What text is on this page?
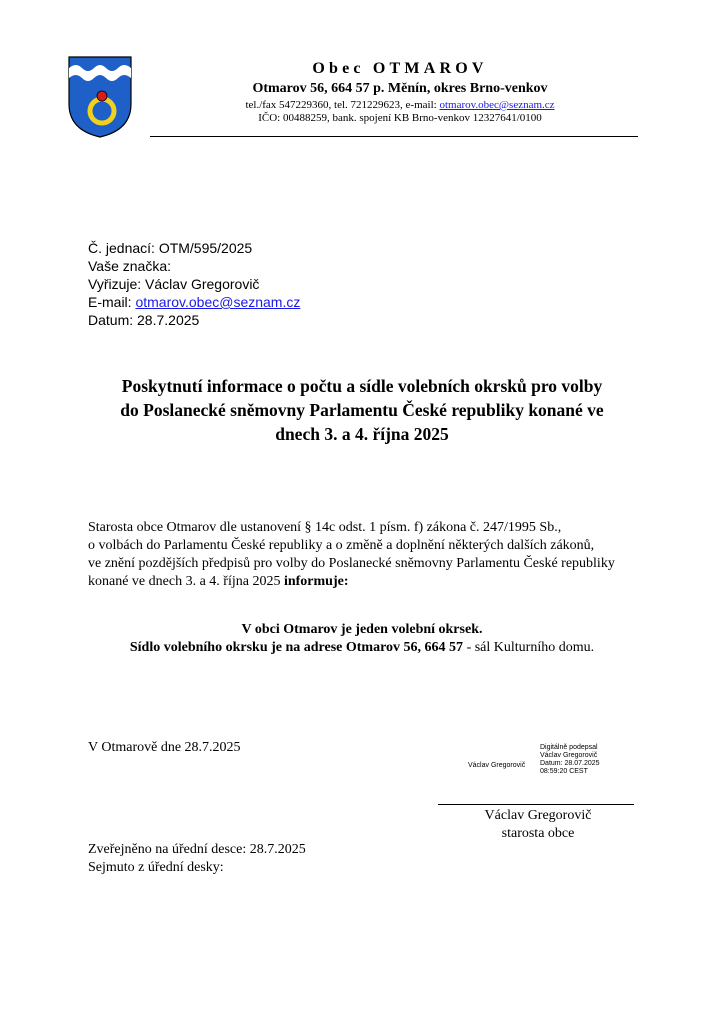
Obec OTMAROV
Otmarov 56, 664 57 p. Měnín, okres Brno-venkov
tel./fax 547229360, tel. 721229623, e-mail: otmarov.obec@seznam.cz
IČO: 00488259, bank. spojení KB Brno-venkov 12327641/0100
Č. jednací: OTM/595/2025
Vaše značka:
Vyřizuje: Václav Gregorovič
E-mail: otmarov.obec@seznam.cz
Datum: 28.7.2025
Poskytnutí informace o počtu a sídle volebních okrsků pro volby
do Poslanecké sněmovny Parlamentu České republiky konané ve
dnech 3. a 4. října 2025
Starosta obce Otmarov dle ustanovení § 14c odst. 1 písm. f) zákona č. 247/1995 Sb.,
o volbách do Parlamentu České republiky a o změně a doplnění některých dalších zákonů,
ve znění pozdějších předpisů pro volby do Poslanecké sněmovny Parlamentu České republiky
konané ve dnech 3. a 4. října 2025 informuje:
V obci Otmarov je jeden volební okrsek.
Sídlo volebního okrsku je na adrese Otmarov 56, 664 57 - sál Kulturního domu.
V Otmarově dne 28.7.2025
Václav Gregorovič
Digitálně podepsal
Václav Gregorovič
Datum: 28.07.2025
08:59:20 CEST
Václav Gregorovič
starosta obce
Zveřejněno na úřední desce: 28.7.2025
Sejmuto z úřední desky:
